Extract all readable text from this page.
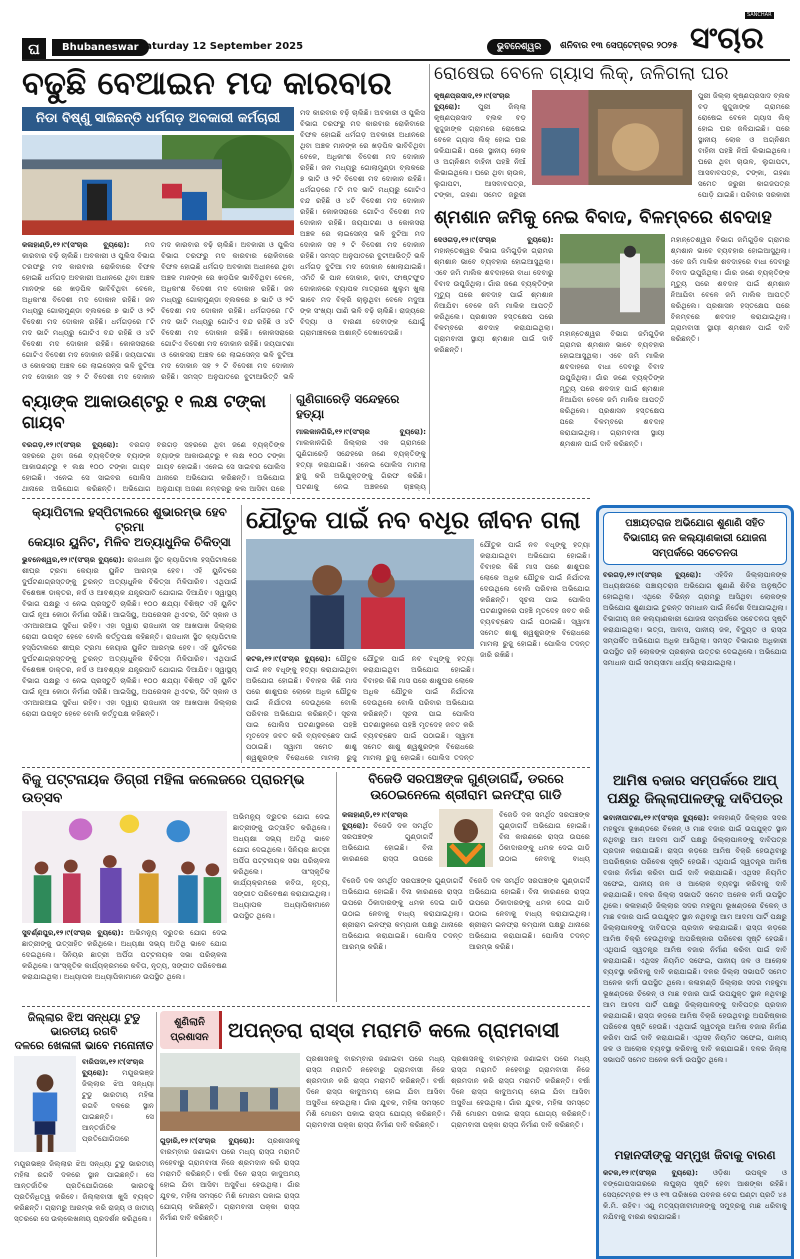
ଘ	Bhubaneswar Saturday 12 September 2025	ଭୁବନେଶ୍ୱର	ଶନିବାର ୧୩ ସେପ୍ଟେମ୍ବର ୨୦୨୫ ସଂଚାର
SANCHAR
ବଢୁଛି ବେଆଇନ ମଦ କାରବାର
ନିଡା ବିଷ୍ଣୁ ସାଜିଛନ୍ତି ଧର୍ମଗଡ଼ ଅବକାରୀ କର୍ମଚାରୀ
କଳାହାଣ୍ଡି,୧୨।୯(ସଂଚାର ବ୍ୟୁରୋ): ମଦ କାରବାର ବଢ଼ି ଚାଲିଛି। ଅବକାରୀ ଓ ପୁଲିସ ବିଭାଗ ତରଫରୁ ମଦ କାରବାର ରୋକିବାରେ ବିଫଳ ହୋଇଛି ଧର୍ମଗଡ଼ ଅବକାରୀ ଅଧୀନରେ ଥିବା ଅଞ୍ଚଳ ମାନଙ୍କ ରେ ଖଡ଼ପିଳ ଭାବିବିଥିବା ବେଳେ, ଅଧିକାଂଶ ବିଦେଶୀ ମଦ ଦୋକାନ ରହିଛି। ଜନ ମଧ୍ୟରୁ ଗୋଲାମୁଣ୍ଡା ବ୍ଲକରେ ୭ ଭାଟି ଓ ୨ଟି ବିଦେଶୀ ମଦ ଦୋକାନ ରହିଛି। ଧର୍ମଗଡ଼ରେ ୮ଟି ମଦ ଭାଟି ମଧ୍ୟରୁ ଗୋଟିଏ ବନ୍ଦ ରହିଛି ଓ ୪ଟି ବିଦେଶୀ ମଦ ଦୋକାନ ରହିଛି। କୋକସରାରେ ଗୋଟିଏ ବିଦେଶୀ ମଦ ଦୋକାନ ରହିଛି। ଜୟପାଟଣା ଓ କୋକସରା ଅଞ୍ଚଳ ରେ ଲାଇସେନ୍ସ ଭଳି ବୁଟିଆ ମଦ ଦୋକାନ ସହ ୨ ଟି ବିଦେଶୀ ମଦ ଦୋକାନ
ମଦ କାରବାର ବଢ଼ି ଚାଲିଛି। ଅବକାରୀ ଓ ପୁଲିସ ବିଭାଗ ତରଫରୁ ମଦ କାରବାର ରୋକିବାରେ ବିଫଳ ହୋଇଛି ଧର୍ମଗଡ଼ ଅବକାରୀ ଅଧୀନରେ ଥିବା ଅଞ୍ଚଳ ମାନଙ୍କ ରେ ଖଡ଼ପିଳ ଭାବିବିଥିବା ବେଳେ, ଅଧିକାଂଶ ବିଦେଶୀ ମଦ ଦୋକାନ ରହିଛି। ଜନ ମଧ୍ୟରୁ ଗୋଲାମୁଣ୍ଡା ବ୍ଲକରେ ୭ ଭାଟି ଓ ୨ଟି ବିଦେଶୀ ମଦ ଦୋକାନ ରହିଛି। ଧର୍ମଗଡ଼ରେ ୮ଟି ମଦ ଭାଟି ମଧ୍ୟରୁ ଗୋଟିଏ ବନ୍ଦ ରହିଛି ଓ ୪ଟି ବିଦେଶୀ ମଦ ଦୋକାନ ରହିଛି। କୋକସରାରେ ଗୋଟିଏ ବିଦେଶୀ ମଦ ଦୋକାନ ରହିଛି। ଜୟପାଟଣା ଓ କୋକସରା ଅଞ୍ଚଳ ରେ ଲାଇସେନ୍ସ ଭଳି ବୁଟିଆ ମଦ ଦୋକାନ ସହ ୨ ଟି ବିଦେଶୀ ମଦ ଦୋକାନ ରହିଛି। ସମସ୍ତ ଅନୁପାତରେ ବୁଟୀଆଭିତ୍ତି ଭଳି
ମଦ କାରବାର ବଢ଼ି ଚାଲିଛି। ଅବକାରୀ ଓ ପୁଲିସ ବିଭାଗ ତରଫରୁ ମଦ କାରବାର ରୋକିବାରେ ବିଫଳ ହୋଇଛି ଧର୍ମଗଡ଼ ଅବକାରୀ ଅଧୀନରେ ଥିବା ଅଞ୍ଚଳ ମାନଙ୍କ ରେ ଖଡ଼ପିଳ ଭାବିବିଥିବା ବେଳେ, ଅଧିକାଂଶ ବିଦେଶୀ ମଦ ଦୋକାନ ରହିଛି। ଜନ ମଧ୍ୟରୁ ଗୋଲାମୁଣ୍ଡା ବ୍ଲକରେ ୭ ଭାଟି ଓ ୨ଟି ବିଦେଶୀ ମଦ ଦୋକାନ ରହିଛି। ଧର୍ମଗଡ଼ରେ ୮ଟି ମଦ ଭାଟି ମଧ୍ୟରୁ ଗୋଟିଏ ବନ୍ଦ ରହିଛି ଓ ୪ଟି ବିଦେଶୀ ମଦ ଦୋକାନ ରହିଛି। କୋକସରାରେ ଗୋଟିଏ ବିଦେଶୀ ମଦ ଦୋକାନ ରହିଛି। ଜୟପାଟଣା ଓ କୋକସରା ଅଞ୍ଚଳ ରେ ଲାଇସେନ୍ସ ଭଳି ବୁଟିଆ ମଦ ଦୋକାନ ସହ ୨ ଟି ବିଦେଶୀ ମଦ ଦୋକାନ ରହିଛି। ସମସ୍ତ ଅନୁପାତରେ ବୁଟୀଆଭିତ୍ତି ଭଳି ଧର୍ମଗଡ଼ ବୁଟିଆ ମଦ ଦୋକାନ ଖୋଲାଯାଇଛି। ଏମିତି କି ପାନ ଦୋକାନ, ଢାବା, ଫାଷ୍ଟଫୁଡ ଦୋକାନରେ ବ୍ୟାପକ ମାତ୍ରାରେ ଖୁଲୁମ ଖୁଲା ଭାବେ ମଦ ବିକ୍ରି ଚାଲୁଥିବା ବେଳେ ମଦୁଆ ଙ୍କ ସଂଖ୍ୟା ପାଣି ଭଳି ବଢ଼ି ଚାଲିଛି। ରାଜ୍ୟରେ ବିଦ୍ୟା ଓ ବାରଣୀ ଦେବୀଙ୍କ ଯୋଗୁଁ ଗ୍ରାମାଞ୍ଚଳରେ ଅଶାନ୍ତି ଦେଖାଦେଉଛି।
ରୋଷେଇ ବେଳେ ଗ୍ୟାସ ଲିକ୍, ଜଳିଗଲା ଘର
କୃଷ୍ଣପ୍ରସାଦ,୧୨।୯(ସଂଚାର ବ୍ୟୁରୋ): ପୁରୀ ଜିଲ୍ଲା କୃଷ୍ଣପ୍ରସାଦ ବ୍ଲକ ବଡ଼ କୁଦ୍ଦୁଜାଙ୍କ ଗ୍ରାମରେ ରୋଷେଇ ବେଳେ ଗ୍ୟାସ ଲିକ୍ ହୋଇ ଘର ଜଳିଯାଇଛି। ପରେ ସ୍ଥାନୀୟ ଲୋକ ଓ ଅଗ୍ନିଶମ ବାହିନୀ ପହଞ୍ଚି ନିଆଁ ଲିଭାଇଥିଲେ। ଘରେ ଥିବା ଚାଉଳ, ଲୁଗାପଟା, ଆସବାବପତ୍ର, ଟଙ୍କା, ଗହଣା ସମେତ ଜରୁରୀ
ପୁରୀ ଜିଲ୍ଲା କୃଷ୍ଣପ୍ରସାଦ ବ୍ଲକ ବଡ଼ କୁଦ୍ଦୁଜାଙ୍କ ଗ୍ରାମରେ ରୋଷେଇ ବେଳେ ଗ୍ୟାସ ଲିକ୍ ହୋଇ ଘର ଜଳିଯାଇଛି। ପରେ ସ୍ଥାନୀୟ ଲୋକ ଓ ଅଗ୍ନିଶମ ବାହିନୀ ପହଞ୍ଚି ନିଆଁ ଲିଭାଇଥିଲେ। ଘରେ ଥିବା ଚାଉଳ, ଲୁଗାପଟା, ଆସବାବପତ୍ର, ଟଙ୍କା, ଗହଣା ସମେତ ଜରୁରୀ କାଗଜପତ୍ର ପୋଡ଼ି ଯାଇଛି। ପରିବାର ସରକାରୀ
ଶ୍ମଶାନ ଜମିକୁ ନେଇ ବିବାଦ, ବିଳମ୍ବରେ ଶବଦାହ
ଦେଓଗଡ଼,୧୨।୯(ସଂଚାର ବ୍ୟୁରୋ): ମହାନ୍ତେଶ୍ୱର ବିଭାଗ ଜମିଗୁଡ଼ିକ ଗ୍ରାମର ଶ୍ମଶାନ ଭାବେ ବ୍ୟବହାର ହୋଇଆସୁଥିଲା। ଏବେ ଜମି ମାଲିକ ଶବଦାହରେ ବାଧା ଦେବାରୁ ବିବାଦ ଉପୁଜିଥିଲା। ଗାଁର ଜଣେ ବ୍ୟକ୍ତିଙ୍କ ମୃତ୍ୟୁ ପରେ ଶବଦାହ ପାଇଁ ଶ୍ମଶାନ ନିଆଯିବା ବେଳେ ଜମି ମାଲିକ ଆପତ୍ତି କରିଥିଲେ। ପ୍ରଶାସନ ହସ୍ତକ୍ଷେପ ପରେ ବିଳମ୍ବରେ ଶବଦାହ କରାଯାଇଥିଲା। ଗ୍ରାମବାସୀ ସ୍ଥାୟୀ ଶ୍ମଶାନ ପାଇଁ ଦାବି କରିଛନ୍ତି।
ମହାନ୍ତେଶ୍ୱର ବିଭାଗ ଜମିଗୁଡ଼ିକ ଗ୍ରାମର ଶ୍ମଶାନ ଭାବେ ବ୍ୟବହାର ହୋଇଆସୁଥିଲା। ଏବେ ଜମି ମାଲିକ ଶବଦାହରେ ବାଧା ଦେବାରୁ ବିବାଦ ଉପୁଜିଥିଲା। ଗାଁର ଜଣେ ବ୍ୟକ୍ତିଙ୍କ ମୃତ୍ୟୁ ପରେ ଶବଦାହ ପାଇଁ ଶ୍ମଶାନ ନିଆଯିବା ବେଳେ ଜମି ମାଲିକ ଆପତ୍ତି କରିଥିଲେ। ପ୍ରଶାସନ ହସ୍ତକ୍ଷେପ ପରେ ବିଳମ୍ବରେ ଶବଦାହ କରାଯାଇଥିଲା। ଗ୍ରାମବାସୀ ସ୍ଥାୟୀ ଶ୍ମଶାନ ପାଇଁ ଦାବି କରିଛନ୍ତି।
ମହାନ୍ତେଶ୍ୱର ବିଭାଗ ଜମିଗୁଡ଼ିକ ଗ୍ରାମର ଶ୍ମଶାନ ଭାବେ ବ୍ୟବହାର ହୋଇଆସୁଥିଲା। ଏବେ ଜମି ମାଲିକ ଶବଦାହରେ ବାଧା ଦେବାରୁ ବିବାଦ ଉପୁଜିଥିଲା। ଗାଁର ଜଣେ ବ୍ୟକ୍ତିଙ୍କ ମୃତ୍ୟୁ ପରେ ଶବଦାହ ପାଇଁ ଶ୍ମଶାନ ନିଆଯିବା ବେଳେ ଜମି ମାଲିକ ଆପତ୍ତି କରିଥିଲେ। ପ୍ରଶାସନ ହସ୍ତକ୍ଷେପ ପରେ ବିଳମ୍ବରେ ଶବଦାହ କରାଯାଇଥିଲା। ଗ୍ରାମବାସୀ ସ୍ଥାୟୀ ଶ୍ମଶାନ ପାଇଁ ଦାବି କରିଛନ୍ତି।
ବ୍ୟାଙ୍କ ଆକାଉଣ୍ଟରୁ ୧ ଲକ୍ଷ ଟଙ୍କା ଗାୟବ
ବରଗଡ଼,୧୨।୯(ସଂଚାର ବ୍ୟୁରୋ): ବରଗଡ଼ ସହରରେ ଥିବା ଜଣେ ବ୍ୟକ୍ତିଙ୍କ ବ୍ୟାଙ୍କ ଆକାଉଣ୍ଟରୁ ୧ ଲକ୍ଷ ୧୦୦ ଟଙ୍କା ଗାୟବ ହୋଇଛି। ଏନେଇ ସେ ସାଇବର ପୋଲିସ ଥାନାରେ ଅଭିଯୋଗ କରିଛନ୍ତି। ଅଭିଯୋଗ
ବରଗଡ଼ ସହରରେ ଥିବା ଜଣେ ବ୍ୟକ୍ତିଙ୍କ ବ୍ୟାଙ୍କ ଆକାଉଣ୍ଟରୁ ୧ ଲକ୍ଷ ୧୦୦ ଟଙ୍କା ଗାୟବ ହୋଇଛି। ଏନେଇ ସେ ସାଇବର ପୋଲିସ ଥାନାରେ ଅଭିଯୋଗ କରିଛନ୍ତି। ଅଭିଯୋଗ ଅନୁଯାୟୀ ଅଜଣା ନମ୍ବରରୁ କଲ ଆସିବା ପରେ
ଗୁଣିଗାରେଡ଼ି ସନ୍ଦେହରେ ହତ୍ୟା
ମାଲକାନଗିରି,୧୨।୯(ସଂଚାର ବ୍ୟୁରୋ): ମାଲକାନଗିରି ଜିଲ୍ଲାର ଏକ ଗ୍ରାମରେ ଗୁଣିଗାରେଡ଼ି ସନ୍ଦେହରେ ଜଣେ ବ୍ୟକ୍ତିଙ୍କୁ ହତ୍ୟା କରାଯାଇଛି। ଏନେଇ ପୋଲିସ ମାମଲା ରୁଜୁ କରି ଅଭିଯୁକ୍ତଙ୍କୁ ଗିରଫ କରିଛି। ଘଟଣାକୁ ନେଇ ଅଞ୍ଚଳରେ ଚାଞ୍ଚଲ୍ୟ
କ୍ୟାପିଟାଲ ହସ୍ପିଟାଲରେ ଶୁଭାରମ୍ଭ ହେବ ଟ୍ରମା
କେୟାର ୟୁନିଟ, ମିଳିବ ଅତ୍ୟାଧୁନିକ ଚିକିତ୍ସା
ଭୁବନେଶ୍ୱର,୧୨।୯(ସଂଚାର ବ୍ୟୁରୋ): ରାଜଧାନୀ ସ୍ଥିତ କ୍ୟାପିଟାଲ ହସ୍ପିଟାଲରେ ଶୀଘ୍ର ଟ୍ରମା କେୟାର ୟୁନିଟ ଆରମ୍ଭ ହେବ। ଏହି ୟୁନିଟରେ ଦୁର୍ଘଟଣାଗ୍ରସ୍ତଙ୍କୁ ତୁରନ୍ତ ଅତ୍ୟାଧୁନିକ ଚିକିତ୍ସା ମିଳିପାରିବ। ଏଥିପାଇଁ ବିଶେଷଜ୍ଞ ଡାକ୍ତର, ନର୍ସ ଓ ଆବଶ୍ୟକ ଯନ୍ତ୍ରପାତି ଯୋଗାଇ ଦିଆଯିବ। ସ୍ୱାସ୍ଥ୍ୟ ବିଭାଗ ପକ୍ଷରୁ ଏ ନେଇ ପ୍ରସ୍ତୁତି ଚାଲିଛି। ୧୦୦ ଶଯ୍ୟା ବିଶିଷ୍ଟ ଏହି ୟୁନିଟ ପାଇଁ ନୂଆ କୋଠା ନିର୍ମାଣ ସରିଛି। ଆଇସିୟୁ, ଅପରେସନ ଥିଏଟର, ସିଟି ସ୍କାନ ଓ ଏମଆରଆଇ ସୁବିଧା ରହିବ। ଏହା ଦ୍ୱାରା ରାଜଧାନୀ ସହ ଆଖପାଖ ଜିଲ୍ଲାର ରୋଗୀ ଉପକୃତ ହେବେ ବୋଲି କର୍ତ୍ତୃପକ୍ଷ କହିଛନ୍ତି। ରାଜଧାନୀ ସ୍ଥିତ କ୍ୟାପିଟାଲ ହସ୍ପିଟାଲରେ ଶୀଘ୍ର ଟ୍ରମା କେୟାର ୟୁନିଟ ଆରମ୍ଭ ହେବ। ଏହି ୟୁନିଟରେ ଦୁର୍ଘଟଣାଗ୍ରସ୍ତଙ୍କୁ ତୁରନ୍ତ ଅତ୍ୟାଧୁନିକ ଚିକିତ୍ସା ମିଳିପାରିବ। ଏଥିପାଇଁ ବିଶେଷଜ୍ଞ ଡାକ୍ତର, ନର୍ସ ଓ ଆବଶ୍ୟକ ଯନ୍ତ୍ରପାତି ଯୋଗାଇ ଦିଆଯିବ। ସ୍ୱାସ୍ଥ୍ୟ ବିଭାଗ ପକ୍ଷରୁ ଏ ନେଇ ପ୍ରସ୍ତୁତି ଚାଲିଛି। ୧୦୦ ଶଯ୍ୟା ବିଶିଷ୍ଟ ଏହି ୟୁନିଟ ପାଇଁ ନୂଆ କୋଠା ନିର୍ମାଣ ସରିଛି। ଆଇସିୟୁ, ଅପରେସନ ଥିଏଟର, ସିଟି ସ୍କାନ ଓ ଏମଆରଆଇ ସୁବିଧା ରହିବ। ଏହା ଦ୍ୱାରା ରାଜଧାନୀ ସହ ଆଖପାଖ ଜିଲ୍ଲାର ରୋଗୀ ଉପକୃତ ହେବେ ବୋଲି କର୍ତ୍ତୃପକ୍ଷ କହିଛନ୍ତି।
ଯୌତୁକ ପାଇଁ ନବ ବଧୂର ଜୀବନ ଗଲା
କଟକ,୧୨।୯(ସଂଚାର ବ୍ୟୁରୋ): ଯୌତୁକ ପାଇଁ ନବ ବଧୂଙ୍କୁ ହତ୍ୟା କରାଯାଇଥିବା ଅଭିଯୋଗ ହୋଇଛି। ବିବାହର କିଛି ମାସ ପରେ ଶାଶୁଘର ଲୋକେ ଅଧିକ ଯୌତୁକ ପାଇଁ ନିର୍ଯାତନା ଦେଉଥିଲେ ବୋଲି ପରିବାର ଅଭିଯୋଗ କରିଛନ୍ତି। ସୂଚନା ପାଇ ପୋଲିସ ଘଟଣାସ୍ଥଳରେ ପହଞ୍ଚି ମୃତଦେହ ଜବତ କରି ବ୍ୟବଚ୍ଛେଦ ପାଇଁ ପଠାଇଛି। ସ୍ୱାମୀ ସମେତ ଶାଶୁ ଶ୍ୱଶୁରଙ୍କ ବିରୋଧରେ ମାମଲା ରୁଜୁ
ଯୌତୁକ ପାଇଁ ନବ ବଧୂଙ୍କୁ ହତ୍ୟା କରାଯାଇଥିବା ଅଭିଯୋଗ ହୋଇଛି। ବିବାହର କିଛି ମାସ ପରେ ଶାଶୁଘର ଲୋକେ ଅଧିକ ଯୌତୁକ ପାଇଁ ନିର୍ଯାତନା ଦେଉଥିଲେ ବୋଲି ପରିବାର ଅଭିଯୋଗ କରିଛନ୍ତି। ସୂଚନା ପାଇ ପୋଲିସ ଘଟଣାସ୍ଥଳରେ ପହଞ୍ଚି ମୃତଦେହ ଜବତ କରି ବ୍ୟବଚ୍ଛେଦ ପାଇଁ ପଠାଇଛି। ସ୍ୱାମୀ ସମେତ ଶାଶୁ ଶ୍ୱଶୁରଙ୍କ ବିରୋଧରେ ମାମଲା ରୁଜୁ ହୋଇଛି। ପୋଲିସ ତଦନ୍ତ
ଯୌତୁକ ପାଇଁ ନବ ବଧୂଙ୍କୁ ହତ୍ୟା କରାଯାଇଥିବା ଅଭିଯୋଗ ହୋଇଛି। ବିବାହର କିଛି ମାସ ପରେ ଶାଶୁଘର ଲୋକେ ଅଧିକ ଯୌତୁକ ପାଇଁ ନିର୍ଯାତନା ଦେଉଥିଲେ ବୋଲି ପରିବାର ଅଭିଯୋଗ କରିଛନ୍ତି। ସୂଚନା ପାଇ ପୋଲିସ ଘଟଣାସ୍ଥଳରେ ପହଞ୍ଚି ମୃତଦେହ ଜବତ କରି ବ୍ୟବଚ୍ଛେଦ ପାଇଁ ପଠାଇଛି। ସ୍ୱାମୀ ସମେତ ଶାଶୁ ଶ୍ୱଶୁରଙ୍କ ବିରୋଧରେ ମାମଲା ରୁଜୁ ହୋଇଛି। ପୋଲିସ ତଦନ୍ତ ଜାରି ରଖିଛି।
ପଞ୍ଚାୟତରାଜ ଅଭିଯୋଗ ଶୁଣାଣି ସହିତ ବିଭାଗୀୟ ଜନ କଲ୍ୟାଣକାରୀ ଯୋଜନା ସମ୍ପର୍କରେ ସଚେତନତା
ବରଗଡ଼,୧୨।୯(ସଂଚାର ବ୍ୟୁରୋ): ଏହିଦିନ ଜିଲ୍ଲାପାଳଙ୍କ ଅଧ୍ୟକ୍ଷତାରେ ପଞ୍ଚାୟତରାଜ ଅଭିଯୋଗ ଶୁଣାଣି ଶିବିର ଅନୁଷ୍ଠିତ ହୋଇଥିଲା। ଏଥିରେ ବିଭିନ୍ନ ଗ୍ରାମରୁ ଆସିଥିବା ଲୋକଙ୍କ ଅଭିଯୋଗ ଶୁଣାଯାଇ ତୁରନ୍ତ ସମାଧାନ ପାଇଁ ନିର୍ଦ୍ଦେଶ ଦିଆଯାଇଥିଲା। ବିଭାଗୀୟ ଜନ କଲ୍ୟାଣକାରୀ ଯୋଜନା ସମ୍ପର୍କରେ ସଚେତନତା ସୃଷ୍ଟି କରାଯାଇଥିଲା। ଭତ୍ତା, ଆବାସ, ପାନୀୟ ଜଳ, ବିଦ୍ୟୁତ ଓ ରାସ୍ତା ସମ୍ପର୍କିତ ଅଭିଯୋଗ ଅଧିକ ଆସିଥିଲା। ସମସ୍ତ ବିଭାଗର ଅଧିକାରୀ ଉପସ୍ଥିତ ରହି ଲୋକଙ୍କ ପ୍ରଶ୍ନର ଉତ୍ତର ଦେଇଥିଲେ। ଅଭିଯୋଗ ସମାଧାନ ପାଇଁ ସମୟସୀମା ଧାର୍ଯ୍ୟ କରାଯାଇଥିଲା।
ଆମିଷ ବଜାର ସମ୍ପର୍କରେ ଆପ୍ ପକ୍ଷରୁ ଜିଲ୍ଲାପାଳଙ୍କୁ ଦାବିପତ୍ର
ଭବାନୀପାଟଣା,୧୨।୯(ସଂଚାର ବ୍ୟୁରୋ): କଳାହାଣ୍ଡି ଜିଲ୍ଲାର ସଦର ମହକୁମା ଭୂଖଣ୍ଡରେ ଚିକେନ୍ ଓ ମାଛ ବଜାର ପାଇଁ ଉପଯୁକ୍ତ ସ୍ଥାନ ନଥିବାରୁ ଆମ ଆଦମୀ ପାର୍ଟି ପକ୍ଷରୁ ଜିଲ୍ଲାପାଳଙ୍କୁ ଦାବିପତ୍ର ପ୍ରଦାନ କରାଯାଇଛି। ରାସ୍ତା କଡ଼ରେ ଆମିଷ ବିକ୍ରି ହେଉଥିବାରୁ ଅପରିଷ୍କାର ପରିବେଶ ସୃଷ୍ଟି ହେଉଛି। ଏଥିପାଇଁ ସ୍ୱତନ୍ତ୍ର ଆମିଷ ବଜାର ନିର୍ମାଣ କରିବା ପାଇଁ ଦାବି କରାଯାଇଛି। ଏଥିସହ ନିୟମିତ ସଫେଇ, ପାନୀୟ ଜଳ ଓ ଆଲୋକ ବ୍ୟବସ୍ଥା କରିବାକୁ ଦାବି କରାଯାଇଛି। ଦଳର ଜିଲ୍ଲା ସଭାପତି ସମେତ ଅନେକ କର୍ମୀ ଉପସ୍ଥିତ ଥିଲେ। କଳାହାଣ୍ଡି ଜିଲ୍ଲାର ସଦର ମହକୁମା ଭୂଖଣ୍ଡରେ ଚିକେନ୍ ଓ ମାଛ ବଜାର ପାଇଁ ଉପଯୁକ୍ତ ସ୍ଥାନ ନଥିବାରୁ ଆମ ଆଦମୀ ପାର୍ଟି ପକ୍ଷରୁ ଜିଲ୍ଲାପାଳଙ୍କୁ ଦାବିପତ୍ର ପ୍ରଦାନ କରାଯାଇଛି। ରାସ୍ତା କଡ଼ରେ ଆମିଷ ବିକ୍ରି ହେଉଥିବାରୁ ଅପରିଷ୍କାର ପରିବେଶ ସୃଷ୍ଟି ହେଉଛି। ଏଥିପାଇଁ ସ୍ୱତନ୍ତ୍ର ଆମିଷ ବଜାର ନିର୍ମାଣ କରିବା ପାଇଁ ଦାବି କରାଯାଇଛି। ଏଥିସହ ନିୟମିତ ସଫେଇ, ପାନୀୟ ଜଳ ଓ ଆଲୋକ ବ୍ୟବସ୍ଥା କରିବାକୁ ଦାବି କରାଯାଇଛି। ଦଳର ଜିଲ୍ଲା ସଭାପତି ସମେତ ଅନେକ କର୍ମୀ ଉପସ୍ଥିତ ଥିଲେ। କଳାହାଣ୍ଡି ଜିଲ୍ଲାର ସଦର ମହକୁମା ଭୂଖଣ୍ଡରେ ଚିକେନ୍ ଓ ମାଛ ବଜାର ପାଇଁ ଉପଯୁକ୍ତ ସ୍ଥାନ ନଥିବାରୁ ଆମ ଆଦମୀ ପାର୍ଟି ପକ୍ଷରୁ ଜିଲ୍ଲାପାଳଙ୍କୁ ଦାବିପତ୍ର ପ୍ରଦାନ କରାଯାଇଛି। ରାସ୍ତା କଡ଼ରେ ଆମିଷ ବିକ୍ରି ହେଉଥିବାରୁ ଅପରିଷ୍କାର ପରିବେଶ ସୃଷ୍ଟି ହେଉଛି। ଏଥିପାଇଁ ସ୍ୱତନ୍ତ୍ର ଆମିଷ ବଜାର ନିର୍ମାଣ କରିବା ପାଇଁ ଦାବି କରାଯାଇଛି। ଏଥିସହ ନିୟମିତ ସଫେଇ, ପାନୀୟ ଜଳ ଓ ଆଲୋକ ବ୍ୟବସ୍ଥା କରିବାକୁ ଦାବି କରାଯାଇଛି। ଦଳର ଜିଲ୍ଲା ସଭାପତି ସମେତ ଅନେକ କର୍ମୀ ଉପସ୍ଥିତ ଥିଲେ।
ମହାନଦୀଙ୍କୁ ସମ୍ମୁଖ ଜିବାକୁ ବାରଣ
କଟକ,୧୨।୯(ସଂଚାର ବ୍ୟୁରୋ): ଓଡ଼ିଶା ଉପକୂଳ ଓ ବଙ୍ଗୋପସାଗରରେ ଲଘୁଚାପ ସୃଷ୍ଟି ହେବା ଆଶଙ୍କା ରହିଛି। ସେପ୍ଟେମ୍ବର ୧୨ ଓ ୧୩ ତାରିଖରେ ପବନର ବେଗ ଘଣ୍ଟା ପ୍ରତି ୪୫ କି.ମି. ରହିବ। ଏଣୁ ମତ୍ସ୍ୟଜୀବୀମାନଙ୍କୁ ସମୁଦ୍ରକୁ ମାଛ ଧରିବାକୁ ନଯିବାକୁ ବାରଣ କରାଯାଇଛି।
ବିଜୁ ପଟ୍ଟନାୟକ ଡିଗ୍ରୀ ମହିଳା କଲେଜରେ ପ୍ରାରମ୍ଭ ଉତ୍ସବ
ସୁବର୍ଣ୍ଣପୁର,୧୨।୯(ସଂଚାର ବ୍ୟୁରୋ): ଅଭିମନ୍ୟୁ ଦ୍ରୁତର ଯୋଗ ଦେଇ ଛାତ୍ରୀଙ୍କୁ ଉତ୍ସାହିତ କରିଥିଲେ। ଅଧ୍ୟକ୍ଷା ସଭ୍ୟ ଅତିଥି ଭାବେ ଯୋଗ ଦେଇଥିଲେ। ସିନିୟର ଛାତ୍ରୀ ଅର୍ପିତା ପଟ୍ଟନାୟକ ସଭା ପରିଚାଳନା କରିଥିଲେ। ସାଂସ୍କୃତିକ କାର୍ଯ୍ୟକ୍ରମରେ କବିତା, ନୃତ୍ୟ, ସଙ୍ଗୀତ ପରିବେଷଣ କରାଯାଇଥିଲା। ଅଧ୍ୟାପକ ଅଧ୍ୟାପିକାମାନେ ଉପସ୍ଥିତ ଥିଲେ।
ଅଭିମନ୍ୟୁ ଦ୍ରୁତର ଯୋଗ ଦେଇ ଛାତ୍ରୀଙ୍କୁ ଉତ୍ସାହିତ କରିଥିଲେ। ଅଧ୍ୟକ୍ଷା ସଭ୍ୟ ଅତିଥି ଭାବେ ଯୋଗ ଦେଇଥିଲେ। ସିନିୟର ଛାତ୍ରୀ ଅର୍ପିତା ପଟ୍ଟନାୟକ ସଭା ପରିଚାଳନା କରିଥିଲେ। ସାଂସ୍କୃତିକ କାର୍ଯ୍ୟକ୍ରମରେ କବିତା, ନୃତ୍ୟ, ସଙ୍ଗୀତ ପରିବେଷଣ କରାଯାଇଥିଲା। ଅଧ୍ୟାପକ ଅଧ୍ୟାପିକାମାନେ ଉପସ୍ଥିତ ଥିଲେ।
ବିଜେଡି ସରପଞ୍ଚଙ୍କ ଗୁଣ୍ଡାଗର୍ଦ୍ଦି, ଡରରେ
ଉଠେଇନେଲେ ଶ୍ରୀରାମ ଇନଫ୍ରା ଗାଡି
କଳାହାଣ୍ଡି,୧୨।୯(ସଂଚାର ବ୍ୟୁରୋ): ବିଜେଡି ଦଳ ସମର୍ଥିତ ସରପଞ୍ଚଙ୍କ ଗୁଣ୍ଡାଗର୍ଦ୍ଦି ଅଭିଯୋଗ ହୋଇଛି। ବିନା କାରଣରେ ରାସ୍ତା ଉପରେ
ବିଜେଡି ଦଳ ସମର୍ଥିତ ସରପଞ୍ଚଙ୍କ ଗୁଣ୍ଡାଗର୍ଦ୍ଦି ଅଭିଯୋଗ ହୋଇଛି। ବିନା କାରଣରେ ରାସ୍ତା ଉପରେ ଠିକାଦାରଙ୍କୁ ଧମକ ଦେଇ ଗାଡି ଉଠାଇ ନେବାକୁ ବାଧ୍ୟ
ବିଜେଡି ଦଳ ସମର୍ଥିତ ସରପଞ୍ଚଙ୍କ ଗୁଣ୍ଡାଗର୍ଦ୍ଦି ଅଭିଯୋଗ ହୋଇଛି। ବିନା କାରଣରେ ରାସ୍ତା ଉପରେ ଠିକାଦାରଙ୍କୁ ଧମକ ଦେଇ ଗାଡି ଉଠାଇ ନେବାକୁ ବାଧ୍ୟ କରାଯାଇଥିଲା। ଶ୍ରୀରାମ ଇନଫ୍ରା କମ୍ପାନୀ ପକ୍ଷରୁ ଥାନାରେ ଅଭିଯୋଗ କରାଯାଇଛି। ପୋଲିସ ତଦନ୍ତ ଆରମ୍ଭ କରିଛି।
ବିଜେଡି ଦଳ ସମର୍ଥିତ ସରପଞ୍ଚଙ୍କ ଗୁଣ୍ଡାଗର୍ଦ୍ଦି ଅଭିଯୋଗ ହୋଇଛି। ବିନା କାରଣରେ ରାସ୍ତା ଉପରେ ଠିକାଦାରଙ୍କୁ ଧମକ ଦେଇ ଗାଡି ଉଠାଇ ନେବାକୁ ବାଧ୍ୟ କରାଯାଇଥିଲା। ଶ୍ରୀରାମ ଇନଫ୍ରା କମ୍ପାନୀ ପକ୍ଷରୁ ଥାନାରେ ଅଭିଯୋଗ କରାଯାଇଛି। ପୋଲିସ ତଦନ୍ତ ଆରମ୍ଭ କରିଛି।
ଜିଲ୍ଲାର ଝିଅ ସନ୍ଧ୍ୟା ଟୁଡୁ ଭାରତୀୟ ରଗବି
ଦଳରେ ଖେଳାଳୀ ଭାବେ ମନୋନୀତ
ବାରିପଦା,୧୨।୯(ସଂଚାର ବ୍ୟୁରୋ): ମୟୂରଭଞ୍ଜ ଜିଲ୍ଲାର ଝିଅ ସନ୍ଧ୍ୟା ଟୁଡୁ ଭାରତୀୟ ମହିଳା ରଗବି ଦଳରେ ସ୍ଥାନ ପାଇଛନ୍ତି। ସେ ଆନ୍ତର୍ଜାତିକ ପ୍ରତିଯୋଗିତାରେ
ମୟୂରଭଞ୍ଜ ଜିଲ୍ଲାର ଝିଅ ସନ୍ଧ୍ୟା ଟୁଡୁ ଭାରତୀୟ ମହିଳା ରଗବି ଦଳରେ ସ୍ଥାନ ପାଇଛନ୍ତି। ସେ ଆନ୍ତର୍ଜାତିକ ପ୍ରତିଯୋଗିତାରେ ଭାରତକୁ ପ୍ରତିନିଧିତ୍ୱ କରିବେ। ଜିଲ୍ଲାବାସୀ ଖୁସି ବ୍ୟକ୍ତ କରିଛନ୍ତି। ଗ୍ରାମରୁ ଆରମ୍ଭ କରି ରାଜ୍ୟ ଓ ଜାତୀୟ ସ୍ତରରେ ସେ ଉଲ୍ଲେଖନୀୟ ପ୍ରଦର୍ଶନ କରିଥିଲେ।
ଶୁଣିଲାନି
ପ୍ରଶାସନ ଅପନ୍ତରା ରାସ୍ତା ମରାମତି କଲେ ଗ୍ରାମବାସୀ
ଗୁଡ଼ାରି,୧୨।୯(ସଂଚାର ବ୍ୟୁରୋ): ପ୍ରଶାସନକୁ ବାରମ୍ବାର ଜଣାଇବା ପରେ ମଧ୍ୟ ରାସ୍ତା ମରାମତି ନହେବାରୁ ଗ୍ରାମବାସୀ ନିଜେ ଶ୍ରମଦାନ କରି ରାସ୍ତା ମରାମତି କରିଛନ୍ତି। ବର୍ଷା ଦିନେ ରାସ୍ତା କାଦୁଅମୟ ହୋଇ ଯିବା ଆସିବା ଅସୁବିଧା ହେଉଥିଲା। ଗାଁର ଯୁବକ, ମହିଳା ସମସ୍ତେ ମିଶି ମୋରମ ପକାଇ ରାସ୍ତା ଯୋଗ୍ୟ କରିଛନ୍ତି। ଗ୍ରାମବାସୀ ପକ୍କା ରାସ୍ତା ନିର୍ମାଣ ଦାବି କରିଛନ୍ତି।
ପ୍ରଶାସନକୁ ବାରମ୍ବାର ଜଣାଇବା ପରେ ମଧ୍ୟ ରାସ୍ତା ମରାମତି ନହେବାରୁ ଗ୍ରାମବାସୀ ନିଜେ ଶ୍ରମଦାନ କରି ରାସ୍ତା ମରାମତି କରିଛନ୍ତି। ବର୍ଷା ଦିନେ ରାସ୍ତା କାଦୁଅମୟ ହୋଇ ଯିବା ଆସିବା ଅସୁବିଧା ହେଉଥିଲା। ଗାଁର ଯୁବକ, ମହିଳା ସମସ୍ତେ ମିଶି ମୋରମ ପକାଇ ରାସ୍ତା ଯୋଗ୍ୟ କରିଛନ୍ତି। ଗ୍ରାମବାସୀ ପକ୍କା ରାସ୍ତା ନିର୍ମାଣ ଦାବି କରିଛନ୍ତି।
ପ୍ରଶାସନକୁ ବାରମ୍ବାର ଜଣାଇବା ପରେ ମଧ୍ୟ ରାସ୍ତା ମରାମତି ନହେବାରୁ ଗ୍ରାମବାସୀ ନିଜେ ଶ୍ରମଦାନ କରି ରାସ୍ତା ମରାମତି କରିଛନ୍ତି। ବର୍ଷା ଦିନେ ରାସ୍ତା କାଦୁଅମୟ ହୋଇ ଯିବା ଆସିବା ଅସୁବିଧା ହେଉଥିଲା। ଗାଁର ଯୁବକ, ମହିଳା ସମସ୍ତେ ମିଶି ମୋରମ ପକାଇ ରାସ୍ତା ଯୋଗ୍ୟ କରିଛନ୍ତି। ଗ୍ରାମବାସୀ ପକ୍କା ରାସ୍ତା ନିର୍ମାଣ ଦାବି କରିଛନ୍ତି।
